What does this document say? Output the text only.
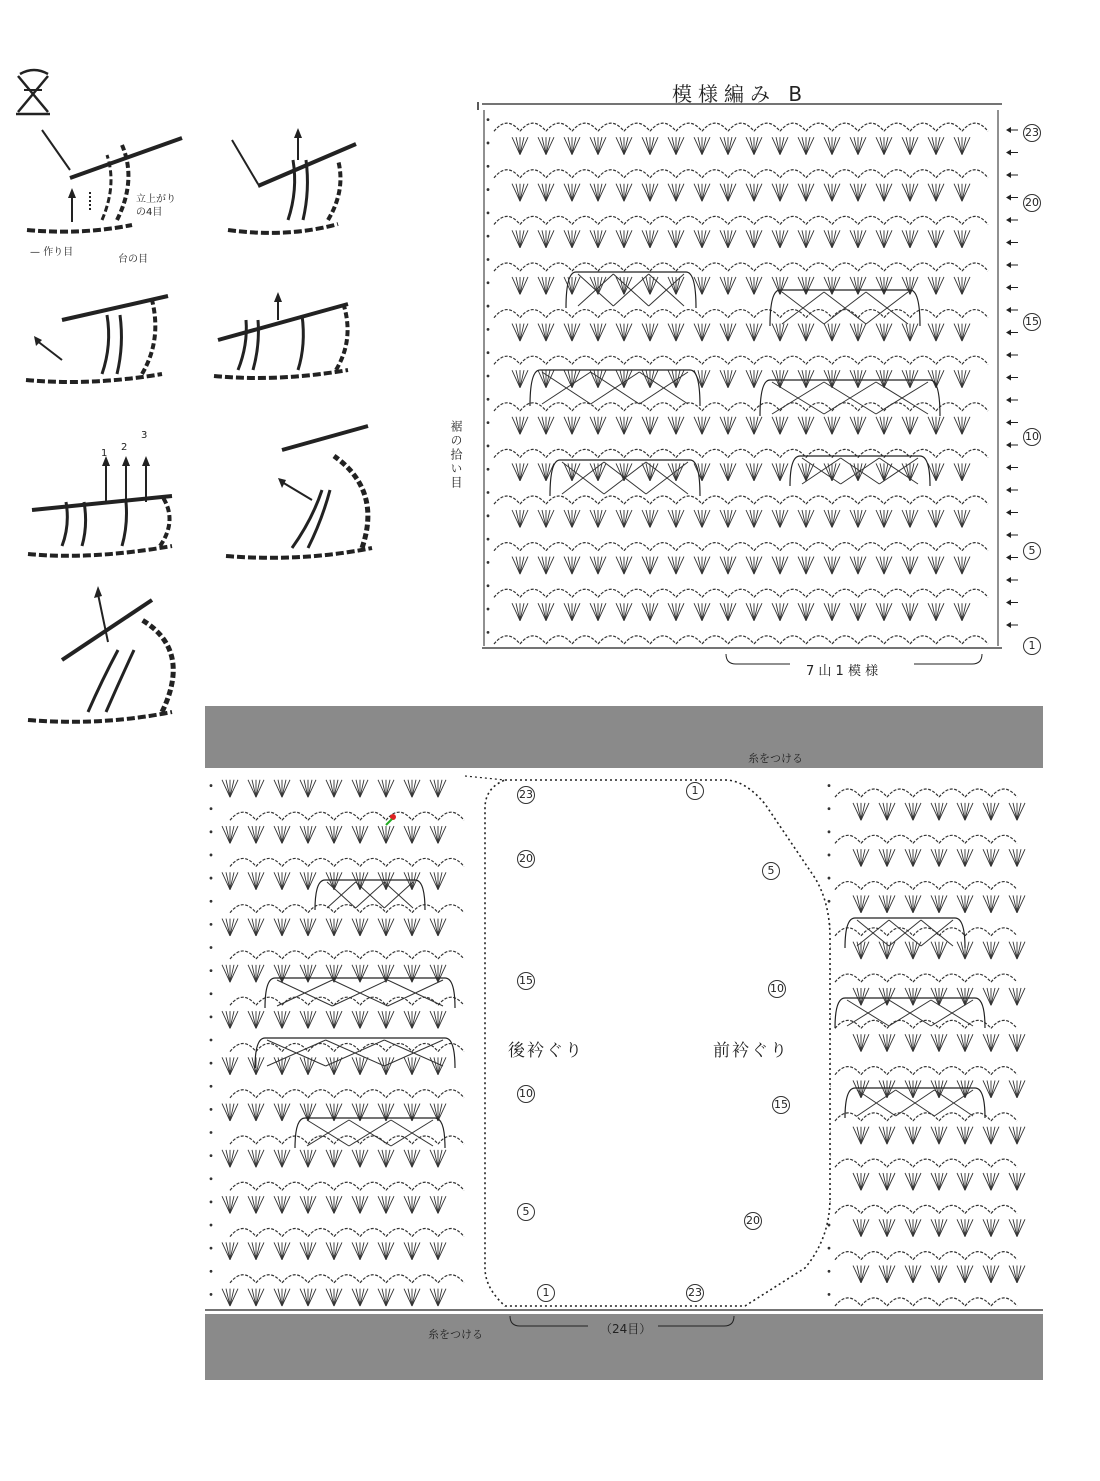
立上がり
の4目
— 作り目
台の目
1
2
3
模様編み B
裾の拾い目
23
20
15
10
5
1
7 山 1 模 様
後衿ぐり	前衿ぐり
糸をつける
糸をつける	（24目）
1
23
20
15
10
5
5
10
15
20
1	23
